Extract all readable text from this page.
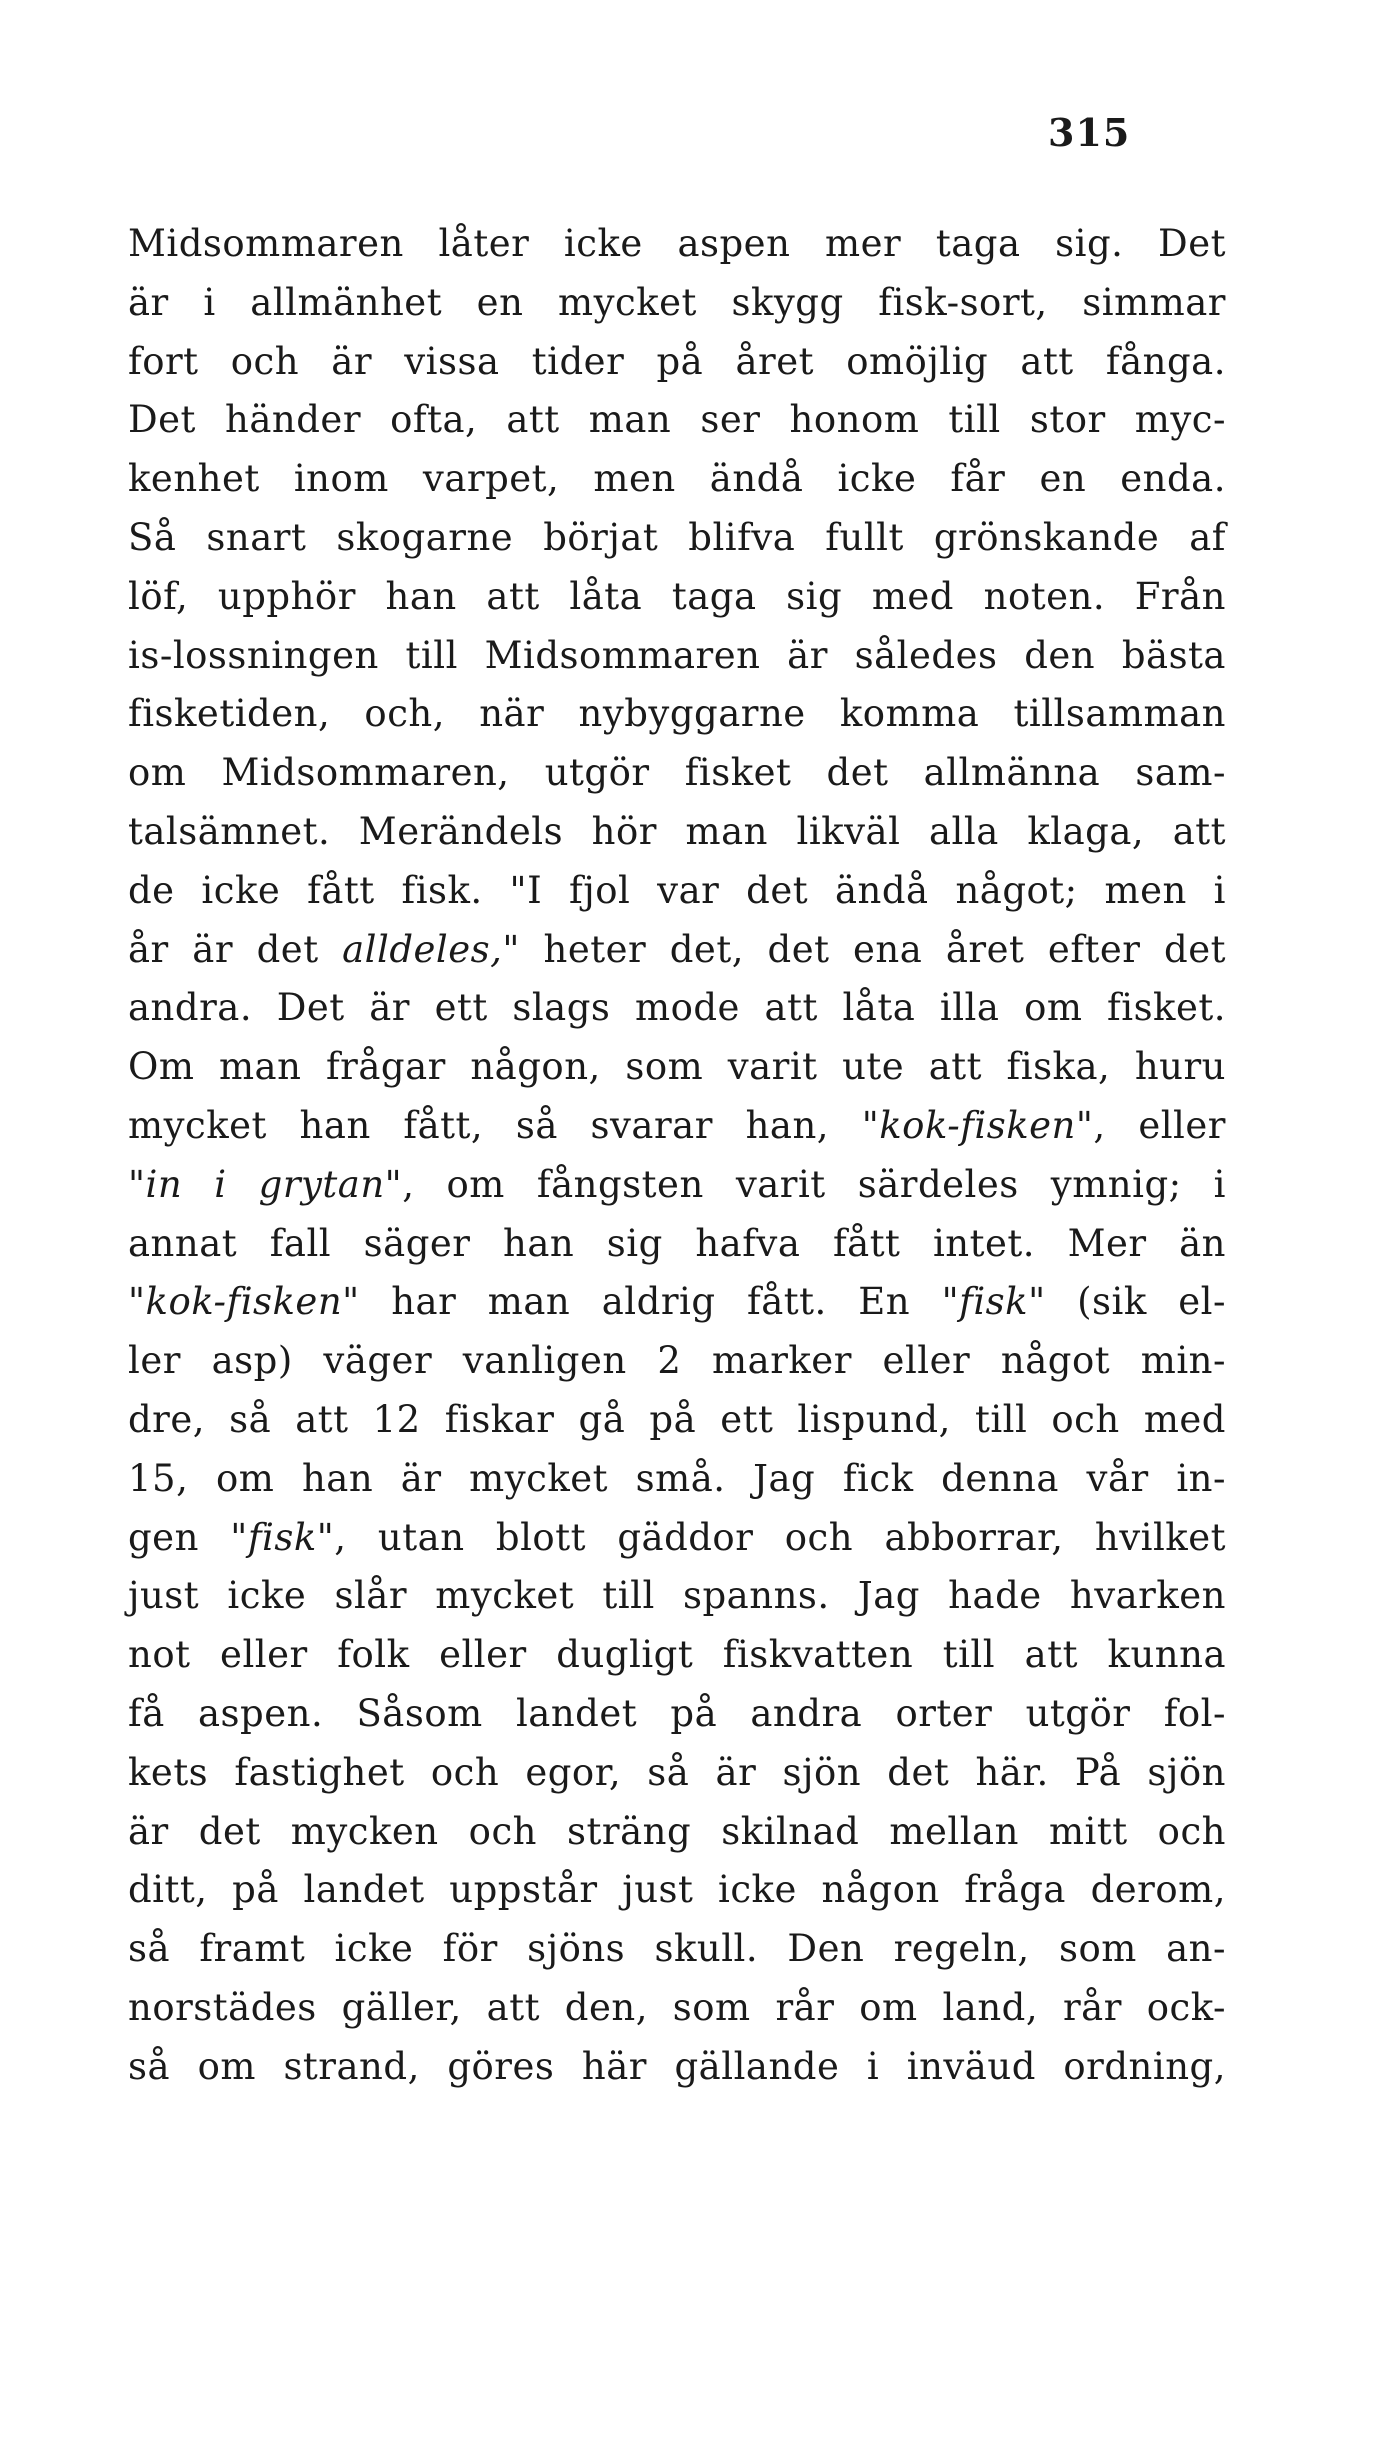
315
Midsommaren låter icke aspen mer taga sig. Det
är i allmänhet en mycket skygg fisk-sort, simmar
fort och är vissa tider på året omöjlig att fånga.
Det händer ofta, att man ser honom till stor myc-
kenhet inom varpet, men ändå icke får en enda.
Så snart skogarne börjat blifva fullt grönskande af
löf, upphör han att låta taga sig med noten. Från
is-lossningen till Midsommaren är således den bästa
fisketiden, och, när nybyggarne komma tillsamman
om Midsommaren, utgör fisket det allmänna sam-
talsämnet. Merändels hör man likväl alla klaga, att
de icke fått fisk. "I fjol var det ändå något; men i
år är det alldeles," heter det, det ena året efter det
andra. Det är ett slags mode att låta illa om fisket.
Om man frågar någon, som varit ute att fiska, huru
mycket han fått, så svarar han, "kok-fisken", eller
"in i grytan", om fångsten varit särdeles ymnig; i
annat fall säger han sig hafva fått intet. Mer än
"kok-fisken" har man aldrig fått. En "fisk" (sik el-
ler asp) väger vanligen 2 marker eller något min-
dre, så att 12 fiskar gå på ett lispund, till och med
15, om han är mycket små. Jag fick denna vår in-
gen "fisk", utan blott gäddor och abborrar, hvilket
just icke slår mycket till spanns. Jag hade hvarken
not eller folk eller dugligt fiskvatten till att kunna
få aspen. Såsom landet på andra orter utgör fol-
kets fastighet och egor, så är sjön det här. På sjön
är det mycken och sträng skilnad mellan mitt och
ditt, på landet uppstår just icke någon fråga derom,
så framt icke för sjöns skull. Den regeln, som an-
norstädes gäller, att den, som rår om land, rår ock-
så om strand, göres här gällande i inväud ordning,
